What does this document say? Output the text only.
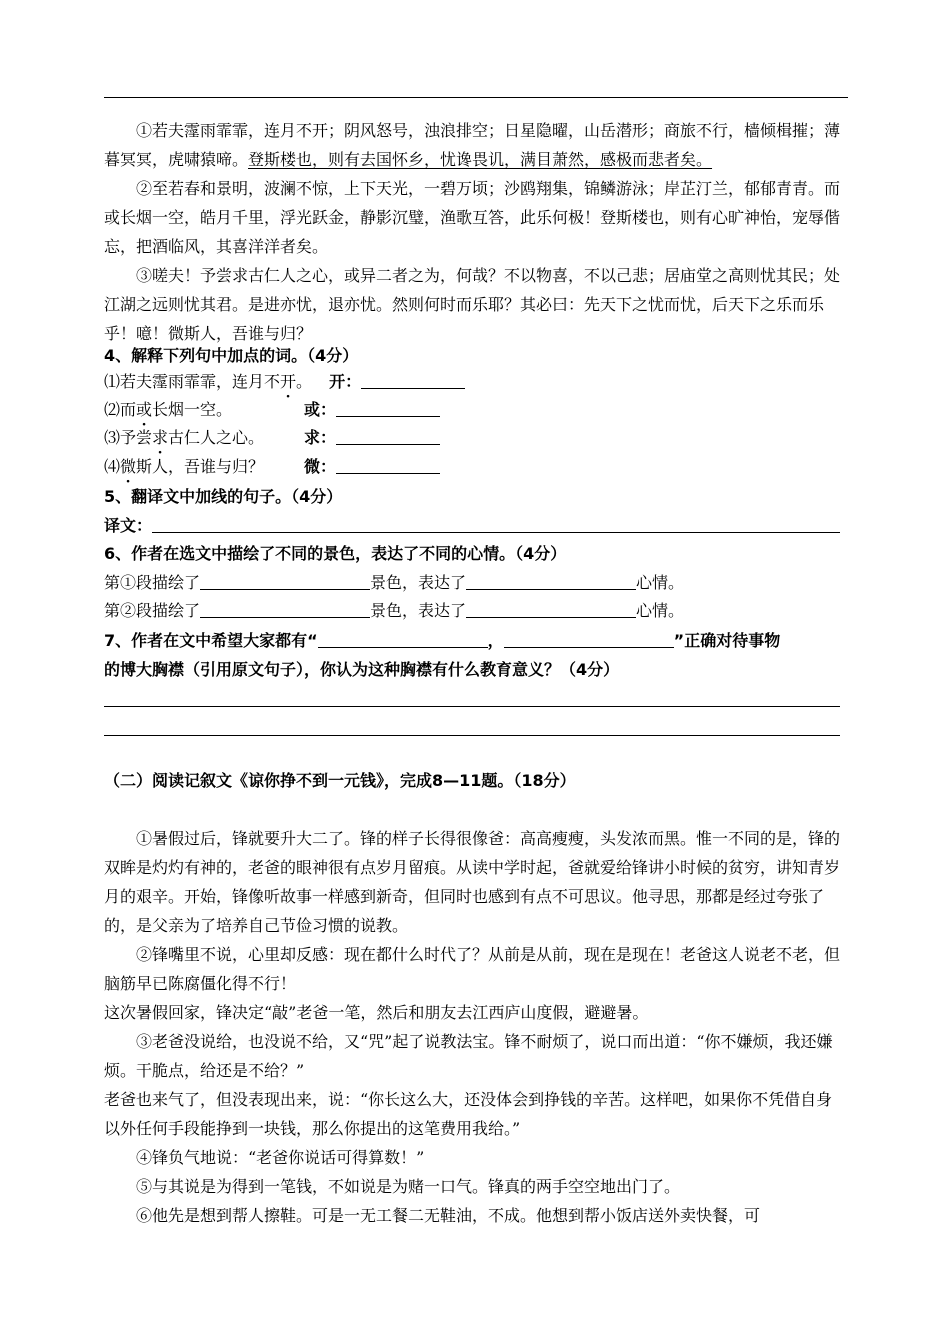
①若夫霪雨霏霏，连月不开；阴风怒号，浊浪排空；日星隐曜，山岳潜形；商旅不行，樯倾楫摧；薄暮冥冥，虎啸猿啼。登斯楼也，则有去国怀乡，忧谗畏讥，满目萧然，感极而悲者矣。

②至若春和景明，波澜不惊，上下天光，一碧万顷；沙鸥翔集，锦鳞游泳；岸芷汀兰，郁郁青青。而或长烟一空，皓月千里，浮光跃金，静影沉璧，渔歌互答，此乐何极！登斯楼也，则有心旷神怡，宠辱偕忘，把酒临风，其喜洋洋者矣。

③嗟夫！予尝求古仁人之心，或异二者之为，何哉？不以物喜，不以己悲；居庙堂之高则忧其民；处江湖之远则忧其君。是进亦忧，退亦忧。然则何时而乐耶？其必曰：先天下之忧而忧，后天下之乐而乐乎！噫！微斯人，吾谁与归？

4、解释下列句中加点的词。（4分）
⑴若夫霪雨霏霏，连月不开。 开：
⑵而或长烟一空。	或：
⑶予尝求古仁人之心。 求：
⑷微斯人，吾谁与归？ 微：
5、翻译文中加线的句子。（4分）
译文：
6、作者在选文中描绘了不同的景色，表达了不同的心情。（4分）
第①段描绘了	景色，表达了	心情。
第②段描绘了	景色，表达了	心情。
7、作者在文中希望大家都有“	，	”正确对待事物
的博大胸襟（引用原文句子），你认为这种胸襟有什么教育意义？（4分）
（二）阅读记叙文《谅你挣不到一元钱》，完成8—11题。（18分）

①暑假过后，锋就要升大二了。锋的样子长得很像爸：高高瘦瘦，头发浓而黑。惟一不同的是，锋的双眸是灼灼有神的，老爸的眼神很有点岁月留痕。从读中学时起，爸就爱给锋讲小时候的贫穷，讲知青岁月的艰辛。开始，锋像听故事一样感到新奇，但同时也感到有点不可思议。他寻思，那都是经过夸张了的，是父亲为了培养自己节俭习惯的说教。

②锋嘴里不说，心里却反感：现在都什么时代了？从前是从前，现在是现在！老爸这人说老不老，但脑筋早已陈腐僵化得不行！

这次暑假回家，锋决定“敲”老爸一笔，然后和朋友去江西庐山度假，避避暑。

③老爸没说给，也没说不给，又“咒”起了说教法宝。锋不耐烦了，说口而出道：“你不嫌烦，我还嫌烦。干脆点，给还是不给？”

老爸也来气了，但没表现出来，说：“你长这么大，还没体会到挣钱的辛苦。这样吧，如果你不凭借自身以外任何手段能挣到一块钱，那么你提出的这笔费用我给。”

④锋负气地说：“老爸你说话可得算数！”

⑤与其说是为得到一笔钱，不如说是为赌一口气。锋真的两手空空地出门了。

⑥他先是想到帮人擦鞋。可是一无工餐二无鞋油，不成。他想到帮小饭店送外卖快餐，可
